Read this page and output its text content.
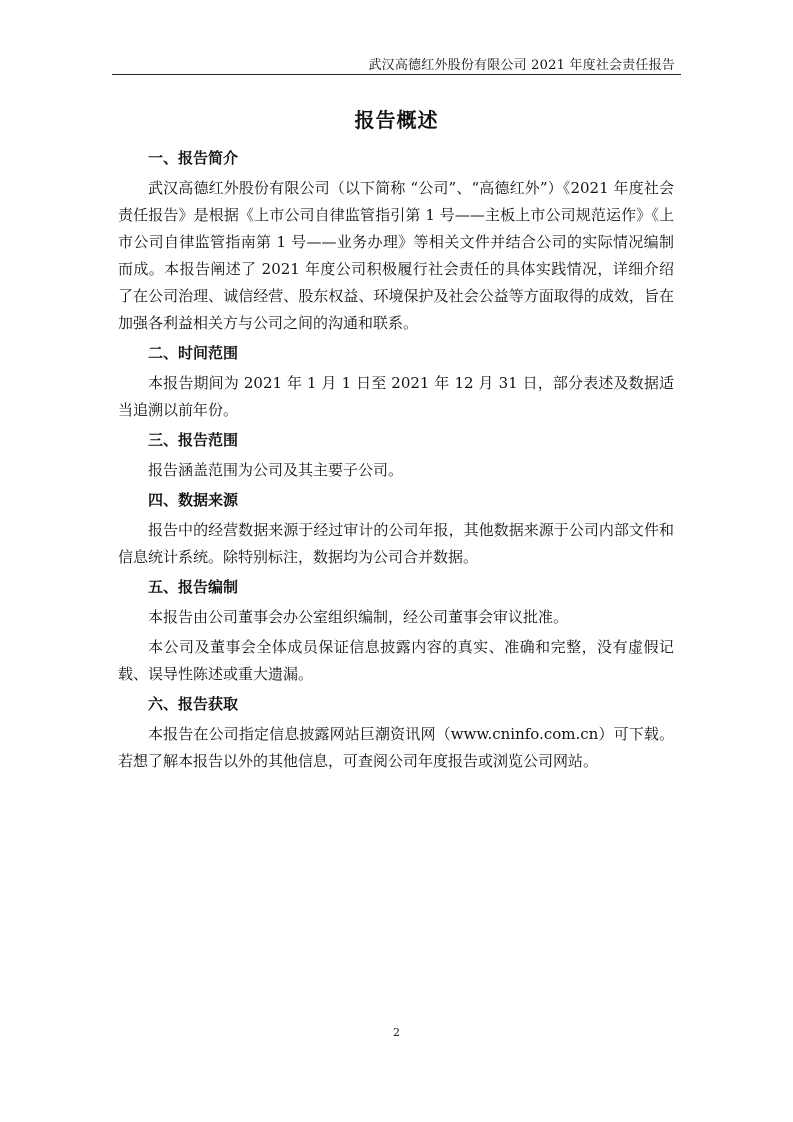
武汉高德红外股份有限公司 2021 年度社会责任报告
报告概述
一、报告简介
武汉高德红外股份有限公司（以下简称 “公司”、“高德红外”）《2021 年度社会责任报告》是根据《上市公司自律监管指引第 1 号——主板上市公司规范运作》《上市公司自律监管指南第 1 号——业务办理》等相关文件并结合公司的实际情况编制而成。本报告阐述了 2021 年度公司积极履行社会责任的具体实践情况，详细介绍了在公司治理、诚信经营、股东权益、环境保护及社会公益等方面取得的成效，旨在加强各利益相关方与公司之间的沟通和联系。
二、时间范围
本报告期间为 2021 年 1 月 1 日至 2021 年 12 月 31 日，部分表述及数据适当追溯以前年份。
三、报告范围
报告涵盖范围为公司及其主要子公司。
四、数据来源
报告中的经营数据来源于经过审计的公司年报，其他数据来源于公司内部文件和信息统计系统。除特别标注，数据均为公司合并数据。
五、报告编制
本报告由公司董事会办公室组织编制，经公司董事会审议批准。
本公司及董事会全体成员保证信息披露内容的真实、准确和完整，没有虚假记载、误导性陈述或重大遗漏。
六、报告获取
本报告在公司指定信息披露网站巨潮资讯网（www.cninfo.com.cn）可下载。若想了解本报告以外的其他信息，可查阅公司年度报告或浏览公司网站。
2
